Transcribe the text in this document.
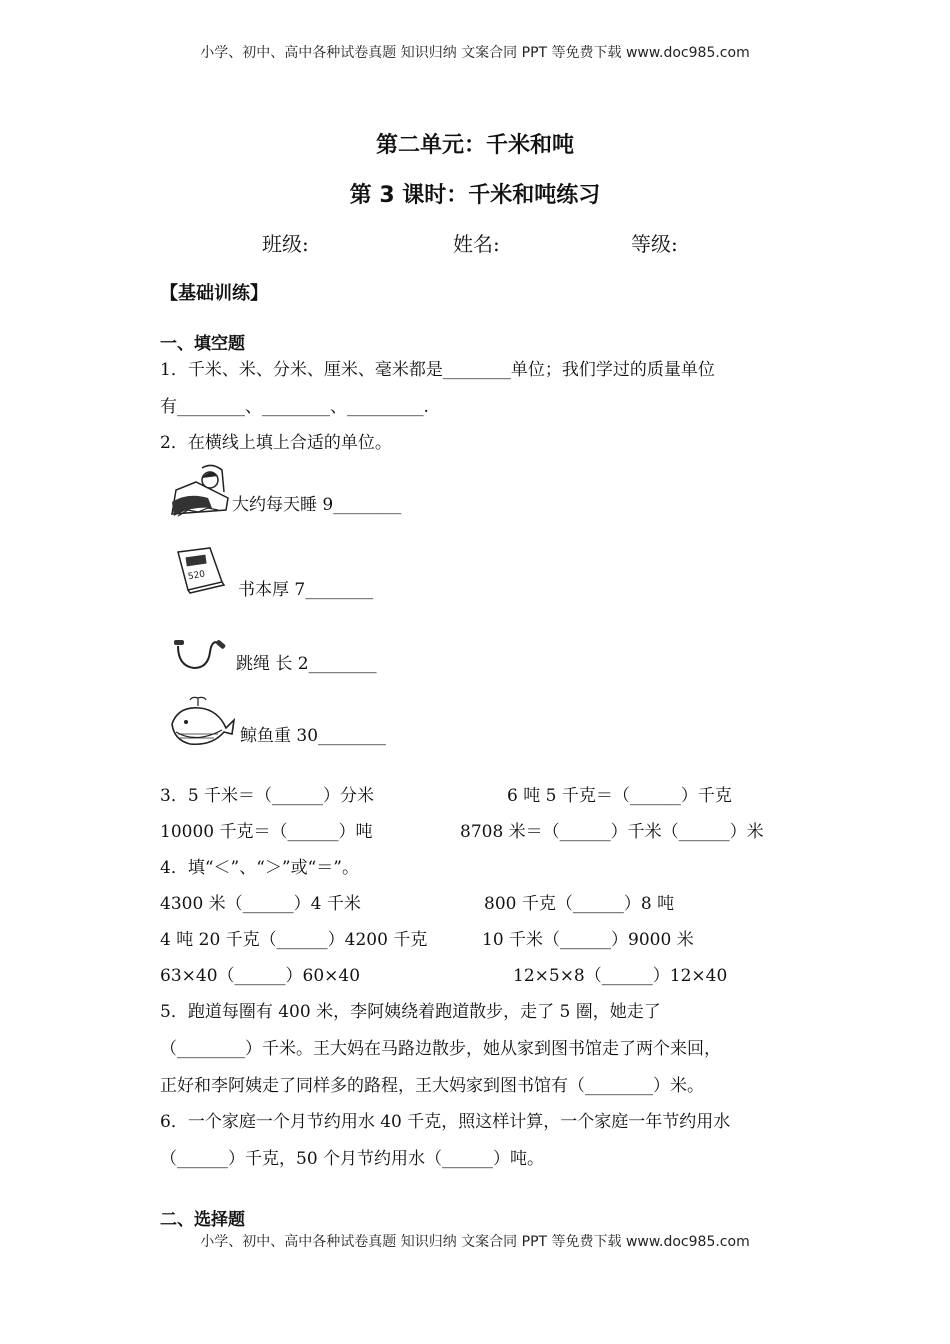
小学、初中、高中各种试卷真题 知识归纳 文案合同 PPT 等免费下载 www.doc985.com
第二单元：千米和吨
第 3 课时：千米和吨练习
班级:	姓名:	等级:
【基础训练】
一、填空题
1．千米、米、分米、厘米、毫米都是________单位；我们学过的质量单位
有________、________、_________.
2．在横线上填上合适的单位。
大约每天睡 9________
520
书本厚 7________
跳绳 长 2________
鲸鱼重 30________
3．5 千米＝（______）分米	6 吨 5 千克＝（______）千克
10000 千克＝（______）吨	8708 米＝（______）千米（______）米
4．填“＜”、“＞”或“＝”。
4300 米（______）4 千米	800 千克（______）8 吨
4 吨 20 千克（______）4200 千克	10 千米（______）9000 米
63×40（______）60×40	12×5×8（______）12×40
5．跑道每圈有 400 米，李阿姨绕着跑道散步，走了 5 圈，她走了
（________）千米。王大妈在马路边散步，她从家到图书馆走了两个来回，
正好和李阿姨走了同样多的路程，王大妈家到图书馆有（________）米。
6．一个家庭一个月节约用水 40 千克，照这样计算，一个家庭一年节约用水
（______）千克，50 个月节约用水（______）吨。
二、选择题
小学、初中、高中各种试卷真题 知识归纳 文案合同 PPT 等免费下载 www.doc985.com
